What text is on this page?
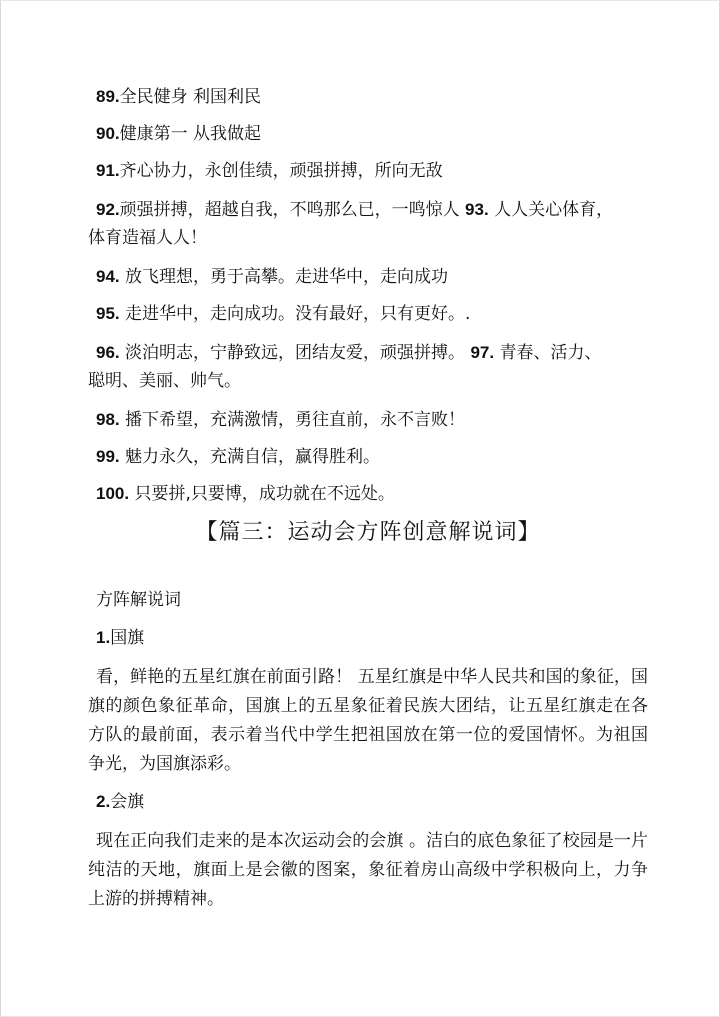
89.全民健身 利国利民

90.健康第一 从我做起

91.齐心协力，永创佳绩，顽强拼搏，所向无敌

92.顽强拼搏，超越自我，不鸣那么已，一鸣惊人 93. 人人关心体育，

体育造福人人！

94. 放飞理想，勇于高攀。走进华中，走向成功

95. 走进华中，走向成功。没有最好，只有更好。.

96. 淡泊明志，宁静致远，团结友爱，顽强拼搏。 97. 青春、活力、

聪明、美丽、帅气。

98. 播下希望，充满激情，勇往直前，永不言败！

99. 魅力永久，充满自信，赢得胜利。

100. 只要拼,只要博，成功就在不远处。

【篇三：运动会方阵创意解说词】

方阵解说词

1.国旗

看，鲜艳的五星红旗在前面引路！ 五星红旗是中华人民共和国的象征，国旗的颜色象征革命，国旗上的五星象征着民族大团结，让五星红旗走在各方队的最前面，表示着当代中学生把祖国放在第一位的爱国情怀。为祖国争光，为国旗添彩。

2.会旗

现在正向我们走来的是本次运动会的会旗 。洁白的底色象征了校园是一片纯洁的天地，旗面上是会徽的图案，象征着房山高级中学积极向上，力争上游的拼搏精神。
